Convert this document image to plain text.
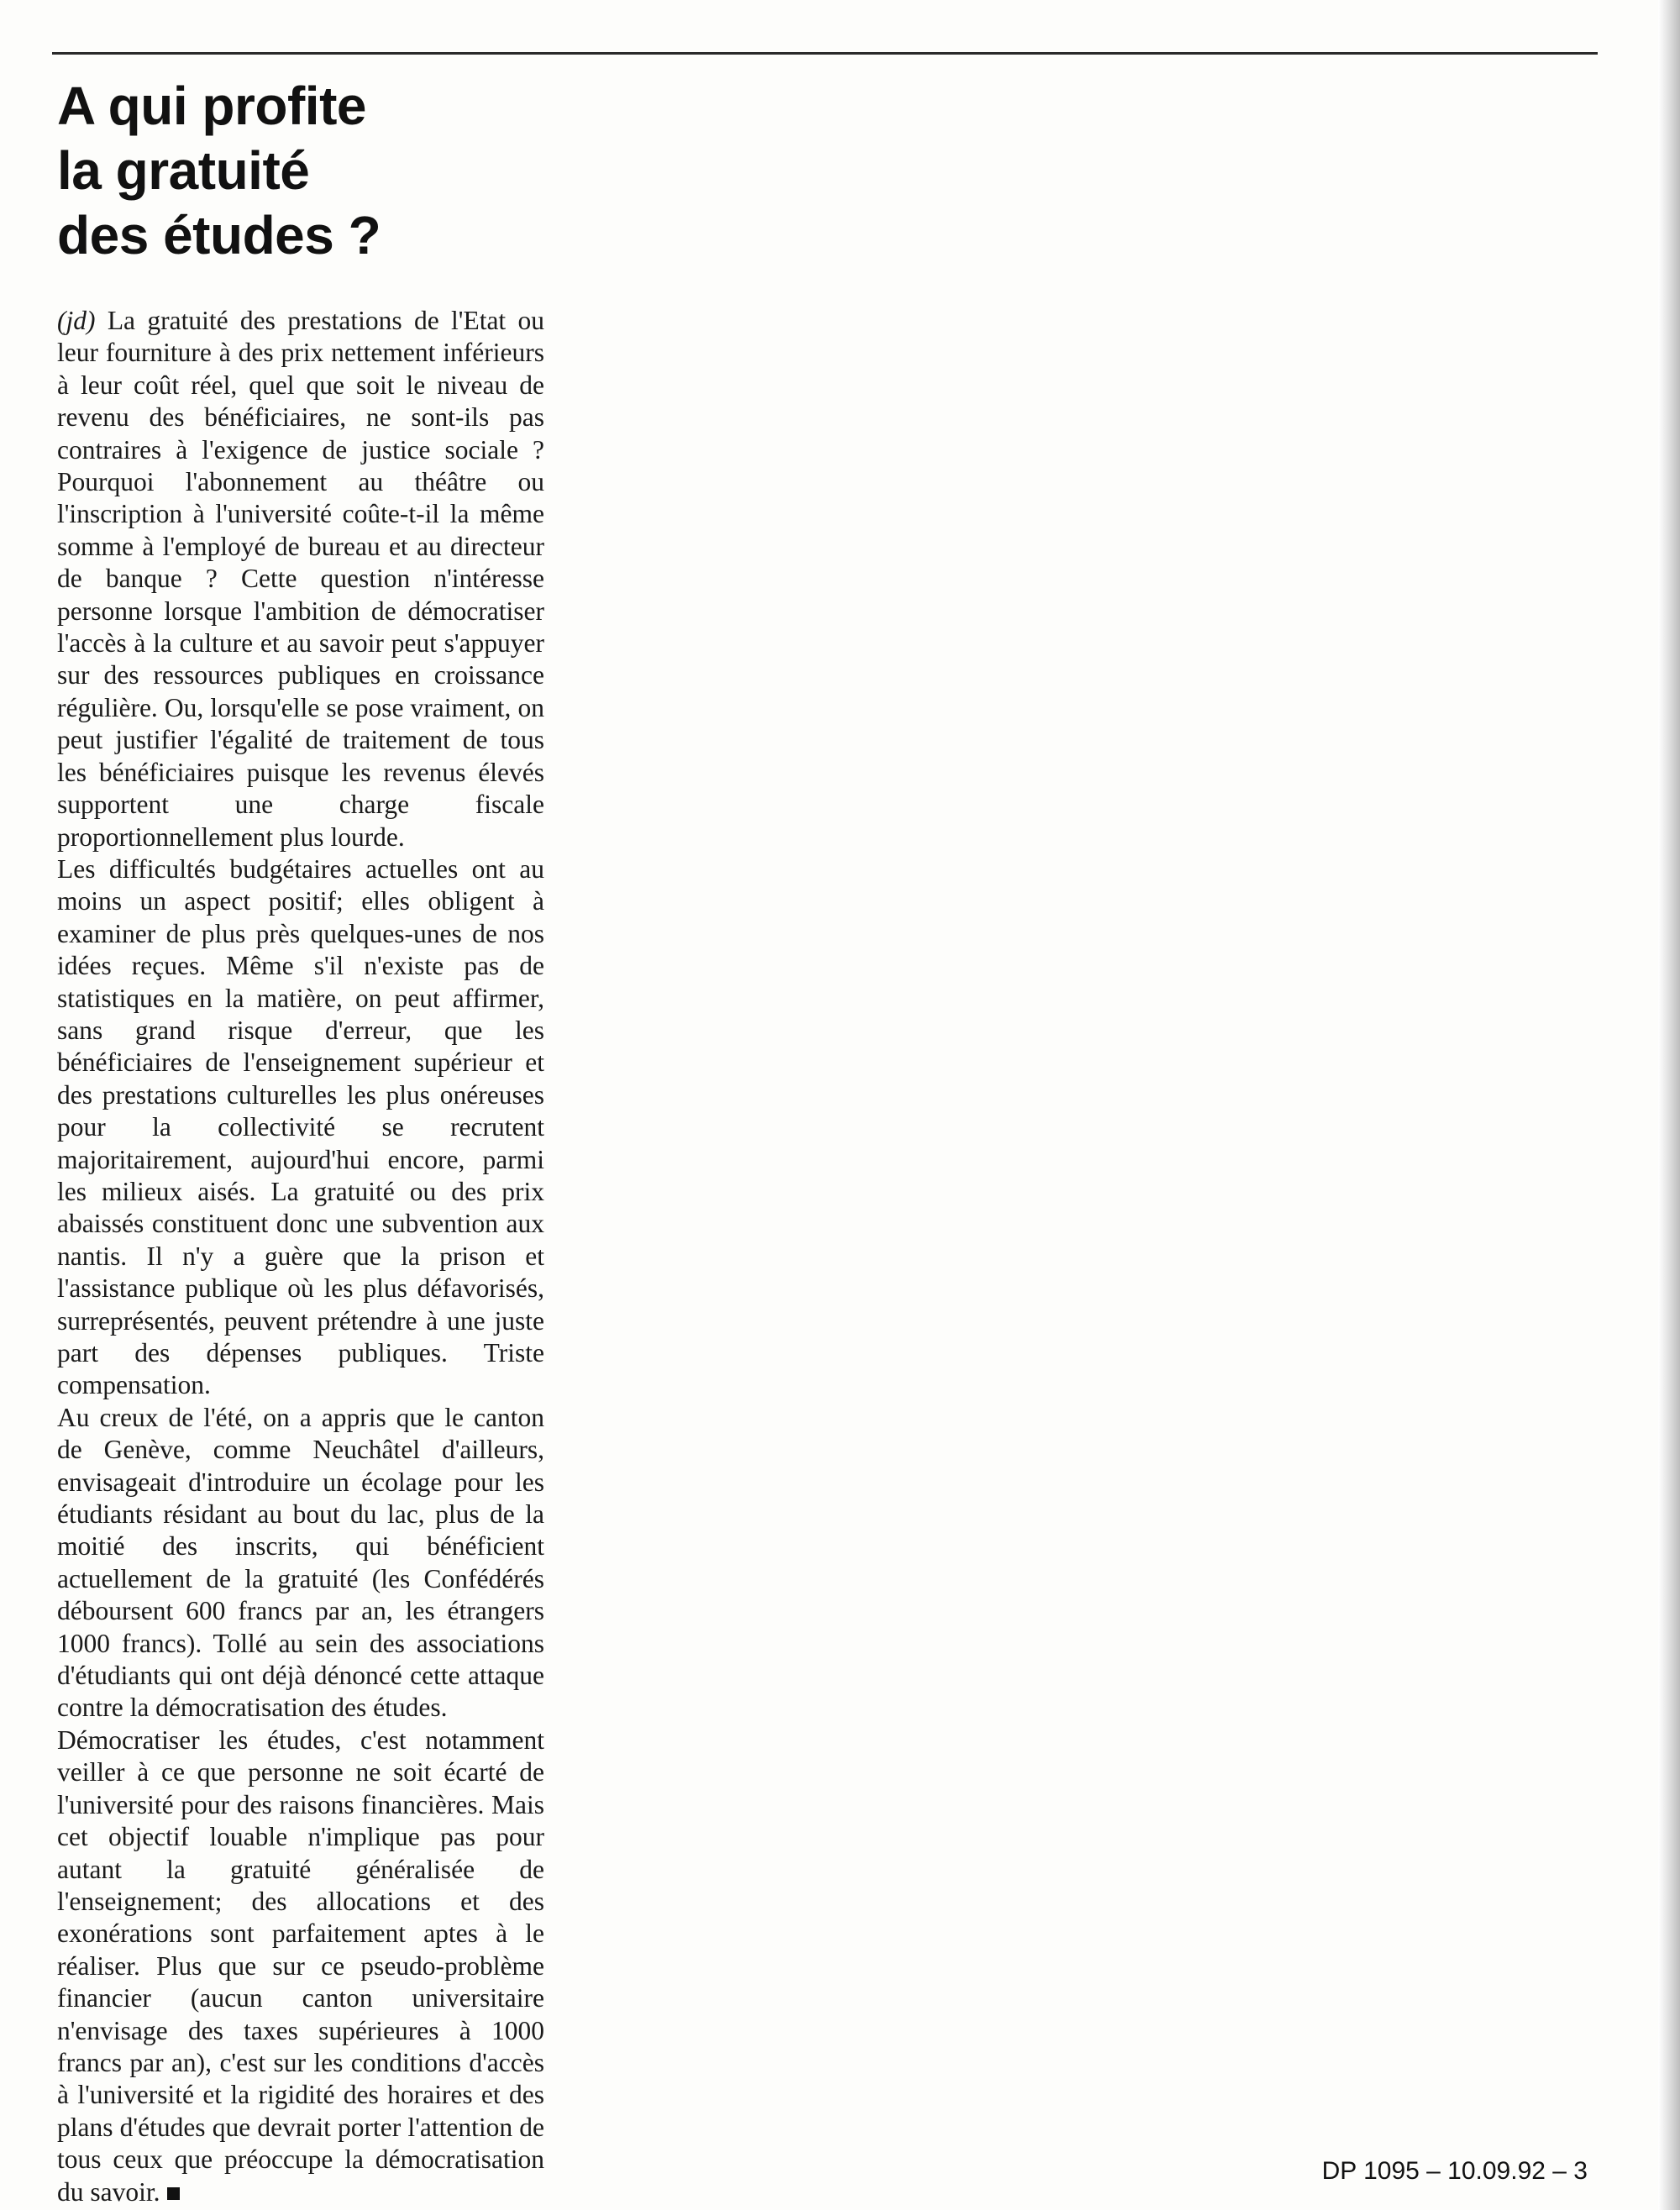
A qui profite
la gratuité
des études ?

(jd) La gratuité des prestations de l'Etat ou leur fourniture à des prix nettement inférieurs à leur coût réel, quel que soit le niveau de revenu des bénéficiaires, ne sont-ils pas contraires à l'exigence de justice sociale ? Pourquoi l'abonnement au théâtre ou l'inscription à l'université coûte-t-il la même somme à l'employé de bureau et au directeur de banque ? Cette question n'intéresse personne lorsque l'ambition de démocratiser l'accès à la culture et au savoir peut s'appuyer sur des ressources publiques en croissance régulière. Ou, lorsqu'elle se pose vraiment, on peut justifier l'égalité de traitement de tous les bénéficiaires puisque les revenus élevés supportent une charge fiscale proportionnellement plus lourde.

Les difficultés budgétaires actuelles ont au moins un aspect positif; elles obligent à examiner de plus près quelques-unes de nos idées reçues. Même s'il n'existe pas de statistiques en la matière, on peut affirmer, sans grand risque d'erreur, que les bénéficiaires de l'enseignement supérieur et des prestations culturelles les plus onéreuses pour la collectivité se recrutent majoritairement, aujourd'hui encore, parmi les milieux aisés. La gratuité ou des prix abaissés constituent donc une subvention aux nantis. Il n'y a guère que la prison et l'assistance publique où les plus défavorisés, surreprésentés, peuvent prétendre à une juste part des dépenses publiques. Triste compensation.

Au creux de l'été, on a appris que le canton de Genève, comme Neuchâtel d'ailleurs, envisageait d'introduire un écolage pour les étudiants résidant au bout du lac, plus de la moitié des inscrits, qui bénéficient actuellement de la gratuité (les Confédérés déboursent 600 francs par an, les étrangers 1000 francs). Tollé au sein des associations d'étudiants qui ont déjà dénoncé cette attaque contre la démocratisation des études.

Démocratiser les études, c'est notamment veiller à ce que personne ne soit écarté de l'université pour des raisons financières. Mais cet objectif louable n'implique pas pour autant la gratuité généralisée de l'enseignement; des allocations et des exonérations sont parfaitement aptes à le réaliser. Plus que sur ce pseudo-problème financier (aucun canton universitaire n'envisage des taxes supérieures à 1000 francs par an), c'est sur les conditions d'accès à l'université et la rigidité des horaires et des plans d'études que devrait porter l'attention de tous ceux que préoccupe la démocratisation du savoir.

DP 1095 – 10.09.92 – 3
